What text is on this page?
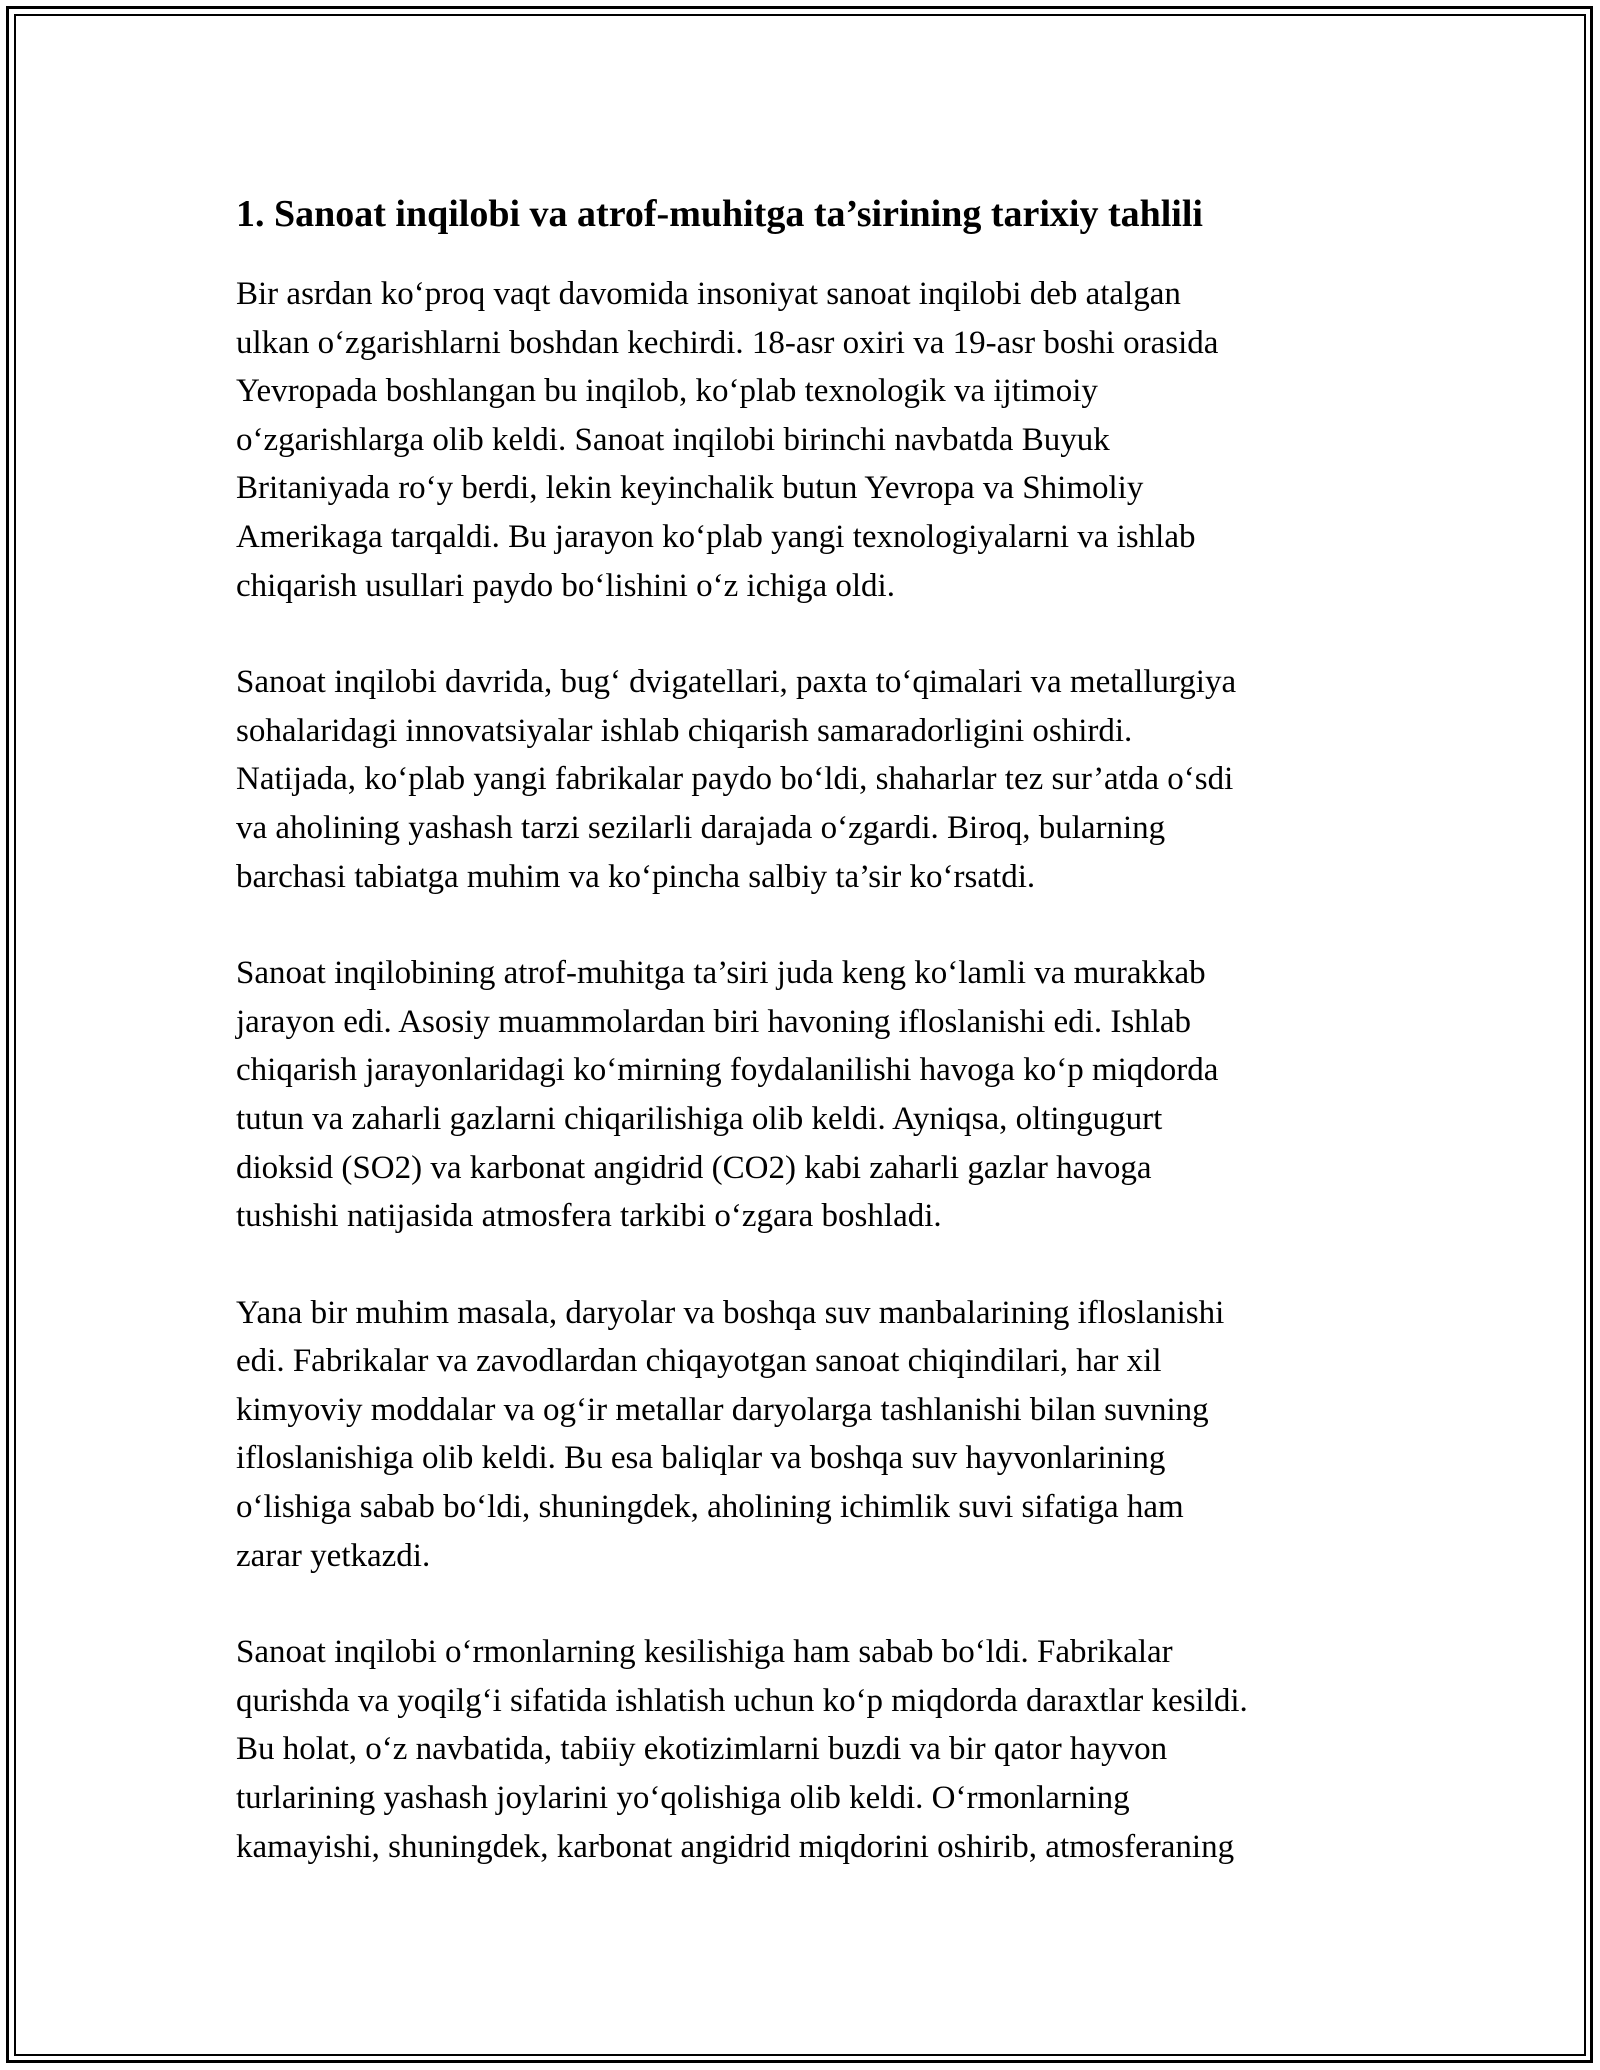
1. Sanoat inqilobi va atrof-muhitga ta’sirining tarixiy tahlili

Bir asrdan ko‘proq vaqt davomida insoniyat sanoat inqilobi deb atalgan
ulkan o‘zgarishlarni boshdan kechirdi. 18-asr oxiri va 19-asr boshi orasida
Yevropada boshlangan bu inqilob, ko‘plab texnologik va ijtimoiy
o‘zgarishlarga olib keldi. Sanoat inqilobi birinchi navbatda Buyuk
Britaniyada ro‘y berdi, lekin keyinchalik butun Yevropa va Shimoliy
Amerikaga tarqaldi. Bu jarayon ko‘plab yangi texnologiyalarni va ishlab
chiqarish usullari paydo bo‘lishini o‘z ichiga oldi.

Sanoat inqilobi davrida, bug‘ dvigatellari, paxta to‘qimalari va metallurgiya
sohalaridagi innovatsiyalar ishlab chiqarish samaradorligini oshirdi.
Natijada, ko‘plab yangi fabrikalar paydo bo‘ldi, shaharlar tez sur’atda o‘sdi
va aholining yashash tarzi sezilarli darajada o‘zgardi. Biroq, bularning
barchasi tabiatga muhim va ko‘pincha salbiy ta’sir ko‘rsatdi.

Sanoat inqilobining atrof-muhitga ta’siri juda keng ko‘lamli va murakkab
jarayon edi. Asosiy muammolardan biri havoning ifloslanishi edi. Ishlab
chiqarish jarayonlaridagi ko‘mirning foydalanilishi havoga ko‘p miqdorda
tutun va zaharli gazlarni chiqarilishiga olib keldi. Ayniqsa, oltingugurt
dioksid (SO2) va karbonat angidrid (CO2) kabi zaharli gazlar havoga
tushishi natijasida atmosfera tarkibi o‘zgara boshladi.

Yana bir muhim masala, daryolar va boshqa suv manbalarining ifloslanishi
edi. Fabrikalar va zavodlardan chiqayotgan sanoat chiqindilari, har xil
kimyoviy moddalar va og‘ir metallar daryolarga tashlanishi bilan suvning
ifloslanishiga olib keldi. Bu esa baliqlar va boshqa suv hayvonlarining
o‘lishiga sabab bo‘ldi, shuningdek, aholining ichimlik suvi sifatiga ham
zarar yetkazdi.

Sanoat inqilobi o‘rmonlarning kesilishiga ham sabab bo‘ldi. Fabrikalar
qurishda va yoqilg‘i sifatida ishlatish uchun ko‘p miqdorda daraxtlar kesildi.
Bu holat, o‘z navbatida, tabiiy ekotizimlarni buzdi va bir qator hayvon
turlarining yashash joylarini yo‘qolishiga olib keldi. O‘rmonlarning
kamayishi, shuningdek, karbonat angidrid miqdorini oshirib, atmosferaning
